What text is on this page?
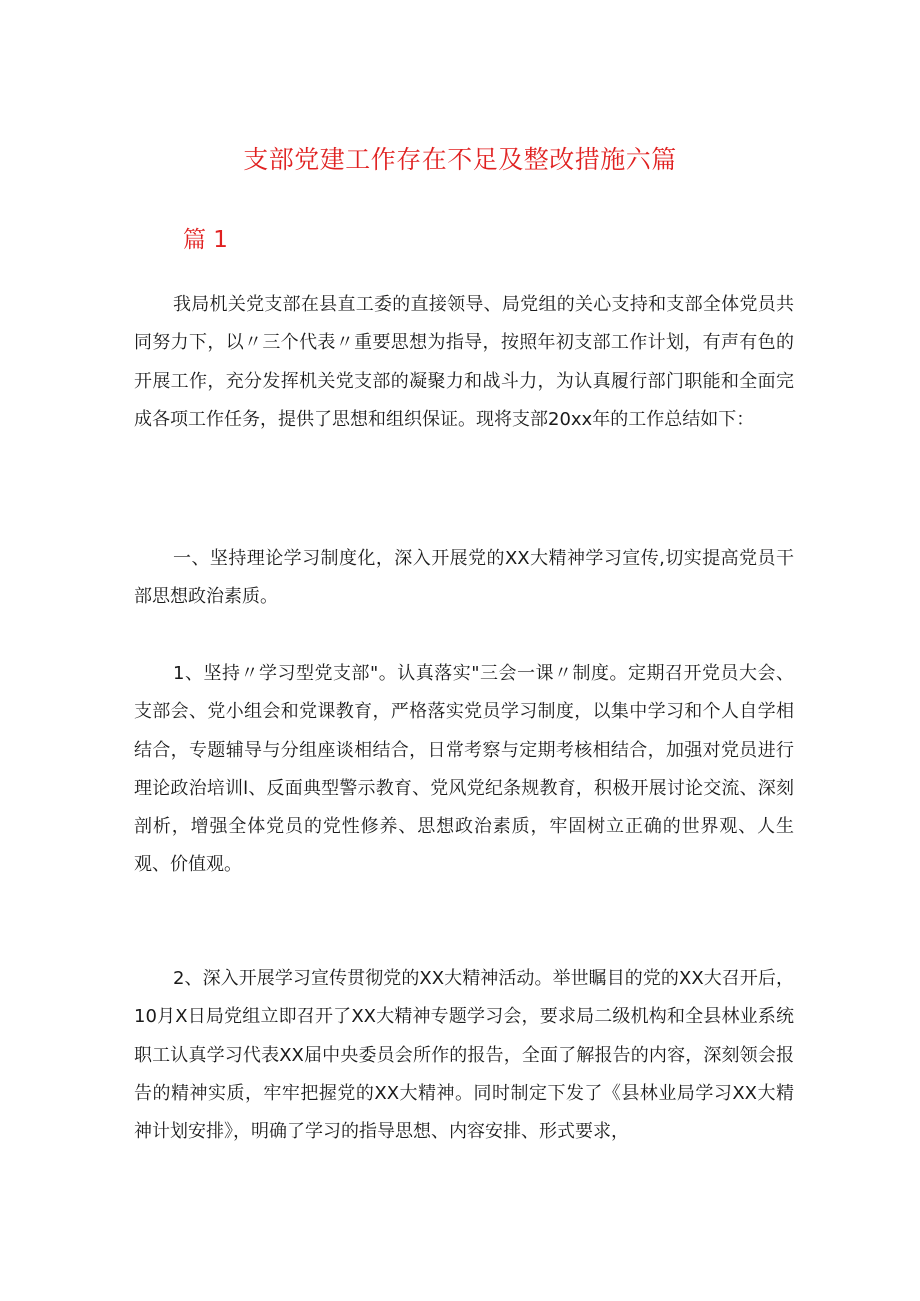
支部党建工作存在不足及整改措施六篇
篇 1

我局机关党支部在县直工委的直接领导、局党组的关心支持和支部全体党员共同努力下，以〃三个代表〃重要思想为指导，按照年初支部工作计划，有声有色的开展工作，充分发挥机关党支部的凝聚力和战斗力，为认真履行部门职能和全面完成各项工作任务，提供了思想和组织保证。现将支部20xx年的工作总结如下：

一、坚持理论学习制度化，深入开展党的XX大精神学习宣传,切实提高党员干部思想政治素质。

1、坚持〃学习型党支部"。认真落实"三会一课〃制度。定期召开党员大会、支部会、党小组会和党课教育，严格落实党员学习制度，以集中学习和个人自学相结合，专题辅导与分组座谈相结合，日常考察与定期考核相结合，加强对党员进行理论政治培训l、反面典型警示教育、党风党纪条规教育，积极开展讨论交流、深刻剖析，增强全体党员的党性修养、思想政治素质，牢固树立正确的世界观、人生观、价值观。

2、深入开展学习宣传贯彻党的XX大精神活动。举世瞩目的党的XX大召开后，10月X日局党组立即召开了XX大精神专题学习会，要求局二级机构和全县林业系统职工认真学习代表XX届中央委员会所作的报告，全面了解报告的内容，深刻领会报告的精神实质，牢牢把握党的XX大精神。同时制定下发了《县林业局学习XX大精神计划安排》，明确了学习的指导思想、内容安排、形式要求，
